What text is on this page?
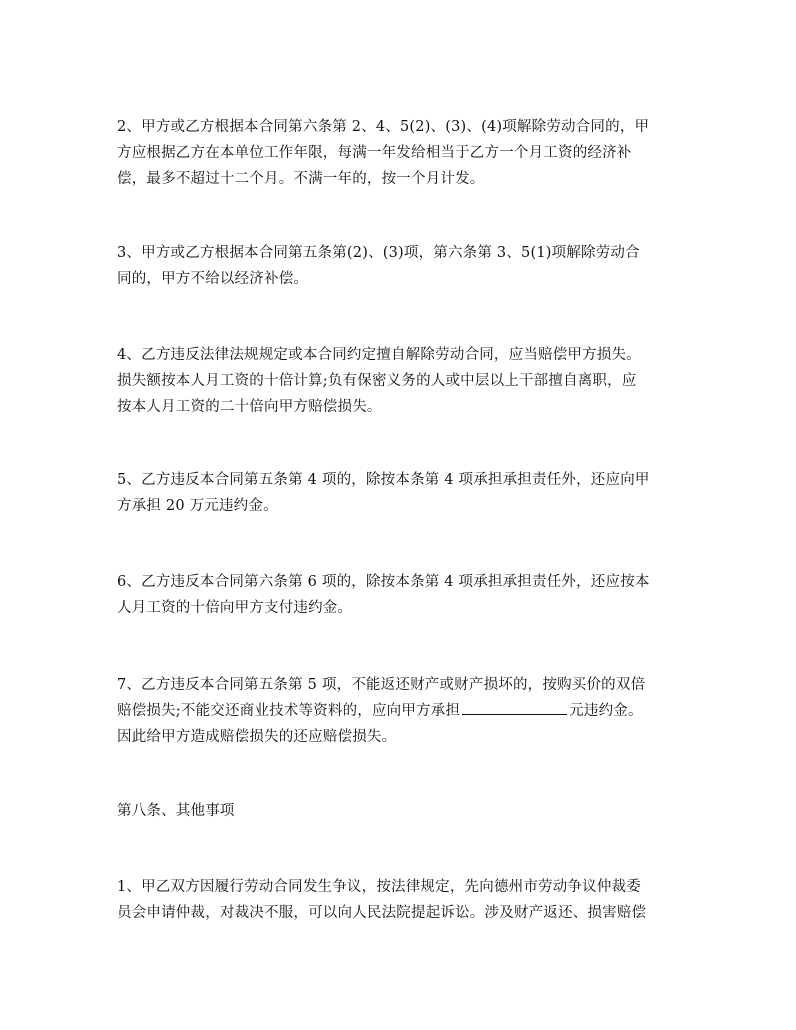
2、甲方或乙方根据本合同第六条第 2、4、5(2)、(3)、(4)项解除劳动合同的，甲
方应根据乙方在本单位工作年限，每满一年发给相当于乙方一个月工资的经济补
偿，最多不超过十二个月。不满一年的，按一个月计发。
3、甲方或乙方根据本合同第五条第(2)、(3)项，第六条第 3、5(1)项解除劳动合
同的，甲方不给以经济补偿。
4、乙方违反法律法规规定或本合同约定擅自解除劳动合同，应当赔偿甲方损失。
损失额按本人月工资的十倍计算;负有保密义务的人或中层以上干部擅自离职，应
按本人月工资的二十倍向甲方赔偿损失。
5、乙方违反本合同第五条第 4 项的，除按本条第 4 项承担承担责任外，还应向甲
方承担 20 万元违约金。
6、乙方违反本合同第六条第 6 项的，除按本条第 4 项承担承担责任外，还应按本
人月工资的十倍向甲方支付违约金。
7、乙方违反本合同第五条第 5 项，不能返还财产或财产损坏的，按购买价的双倍
赔偿损失;不能交还商业技术等资料的，应向甲方承担	元违约金。
因此给甲方造成赔偿损失的还应赔偿损失。
第八条、其他事项
1、甲乙双方因履行劳动合同发生争议，按法律规定，先向德州市劳动争议仲裁委
员会申请仲裁，对裁决不服，可以向人民法院提起诉讼。涉及财产返还、损害赔偿
